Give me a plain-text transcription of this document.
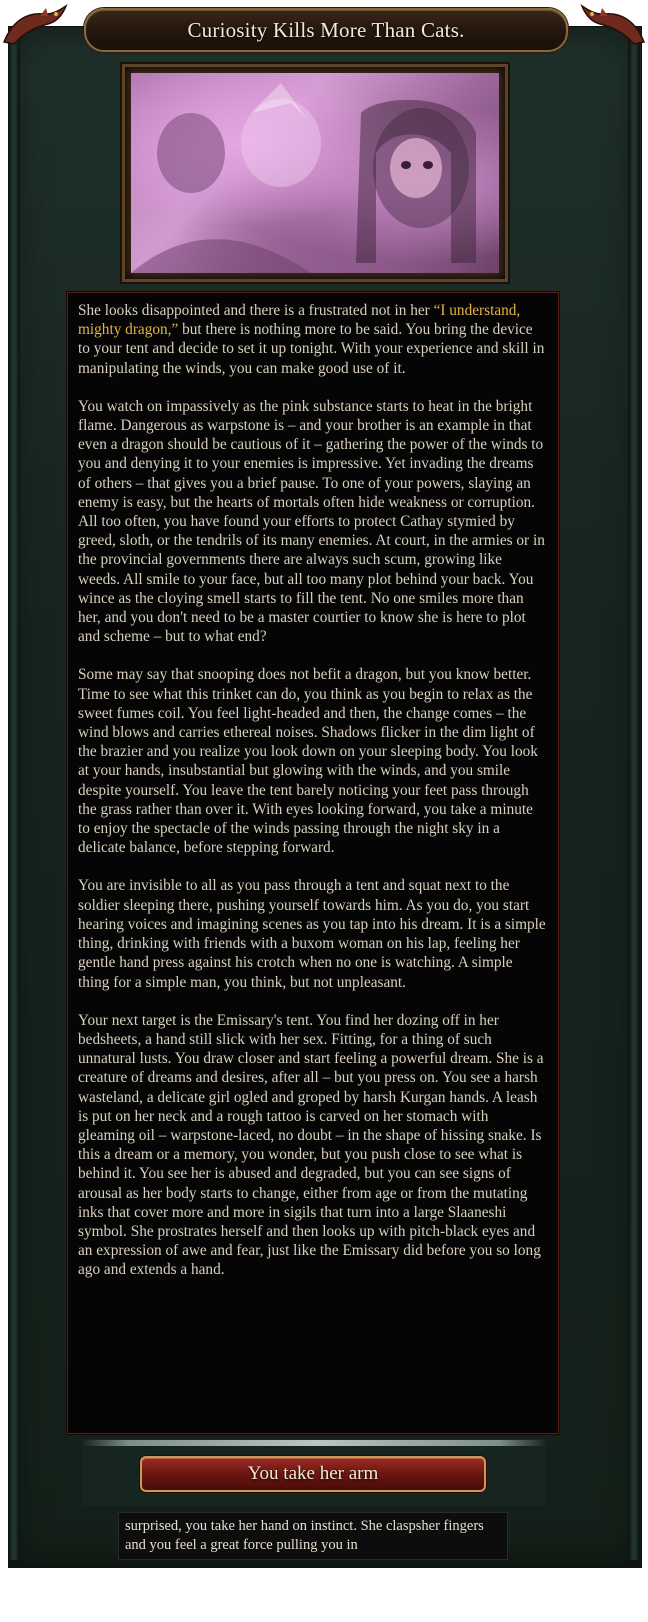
Curiosity Kills More Than Cats.

She looks disappointed and there is a frustrated not in her “I understand, mighty dragon,” but there is nothing more to be said. You bring the device to your tent and decide to set it up tonight. With your experience and skill in manipulating the winds, you can make good use of it.

You watch on impassively as the pink substance starts to heat in the bright flame. Dangerous as warpstone is – and your brother is an example in that even a dragon should be cautious of it – gathering the power of the winds to you and denying it to your enemies is impressive. Yet invading the dreams of others – that gives you a brief pause. To one of your powers, slaying an enemy is easy, but the hearts of mortals often hide weakness or corruption. All too often, you have found your efforts to protect Cathay stymied by greed, sloth, or the tendrils of its many enemies. At court, in the armies or in the provincial governments there are always such scum, growing like weeds. All smile to your face, but all too many plot behind your back. You wince as the cloying smell starts to fill the tent. No one smiles more than her, and you don't need to be a master courtier to know she is here to plot and scheme – but to what end?

Some may say that snooping does not befit a dragon, but you know better. Time to see what this trinket can do, you think as you begin to relax as the sweet fumes coil. You feel light-headed and then, the change comes – the wind blows and carries ethereal noises. Shadows flicker in the dim light of the brazier and you realize you look down on your sleeping body. You look at your hands, insubstantial but glowing with the winds, and you smile despite yourself. You leave the tent barely noticing your feet pass through the grass rather than over it. With eyes looking forward, you take a minute to enjoy the spectacle of the winds passing through the night sky in a delicate balance, before stepping forward.

You are invisible to all as you pass through a tent and squat next to the soldier sleeping there, pushing yourself towards him. As you do, you start hearing voices and imagining scenes as you tap into his dream. It is a simple thing, drinking with friends with a buxom woman on his lap, feeling her gentle hand press against his crotch when no one is watching. A simple thing for a simple man, you think, but not unpleasant.

Your next target is the Emissary's tent. You find her dozing off in her bedsheets, a hand still slick with her sex. Fitting, for a thing of such unnatural lusts. You draw closer and start feeling a powerful dream. She is a creature of dreams and desires, after all – but you press on. You see a harsh wasteland, a delicate girl ogled and groped by harsh Kurgan hands. A leash is put on her neck and a rough tattoo is carved on her stomach with gleaming oil – warpstone-laced, no doubt – in the shape of hissing snake. Is this a dream or a memory, you wonder, but you push close to see what is behind it. You see her is abused and degraded, but you can see signs of arousal as her body starts to change, either from age or from the mutating inks that cover more and more in sigils that turn into a large Slaaneshi symbol. She prostrates herself and then looks up with pitch-black eyes and an expression of awe and fear, just like the Emissary did before you so long ago and extends a hand.

You take her arm
surprised, you take her hand on instinct. She claspsher fingers and you feel a great force pulling you in
